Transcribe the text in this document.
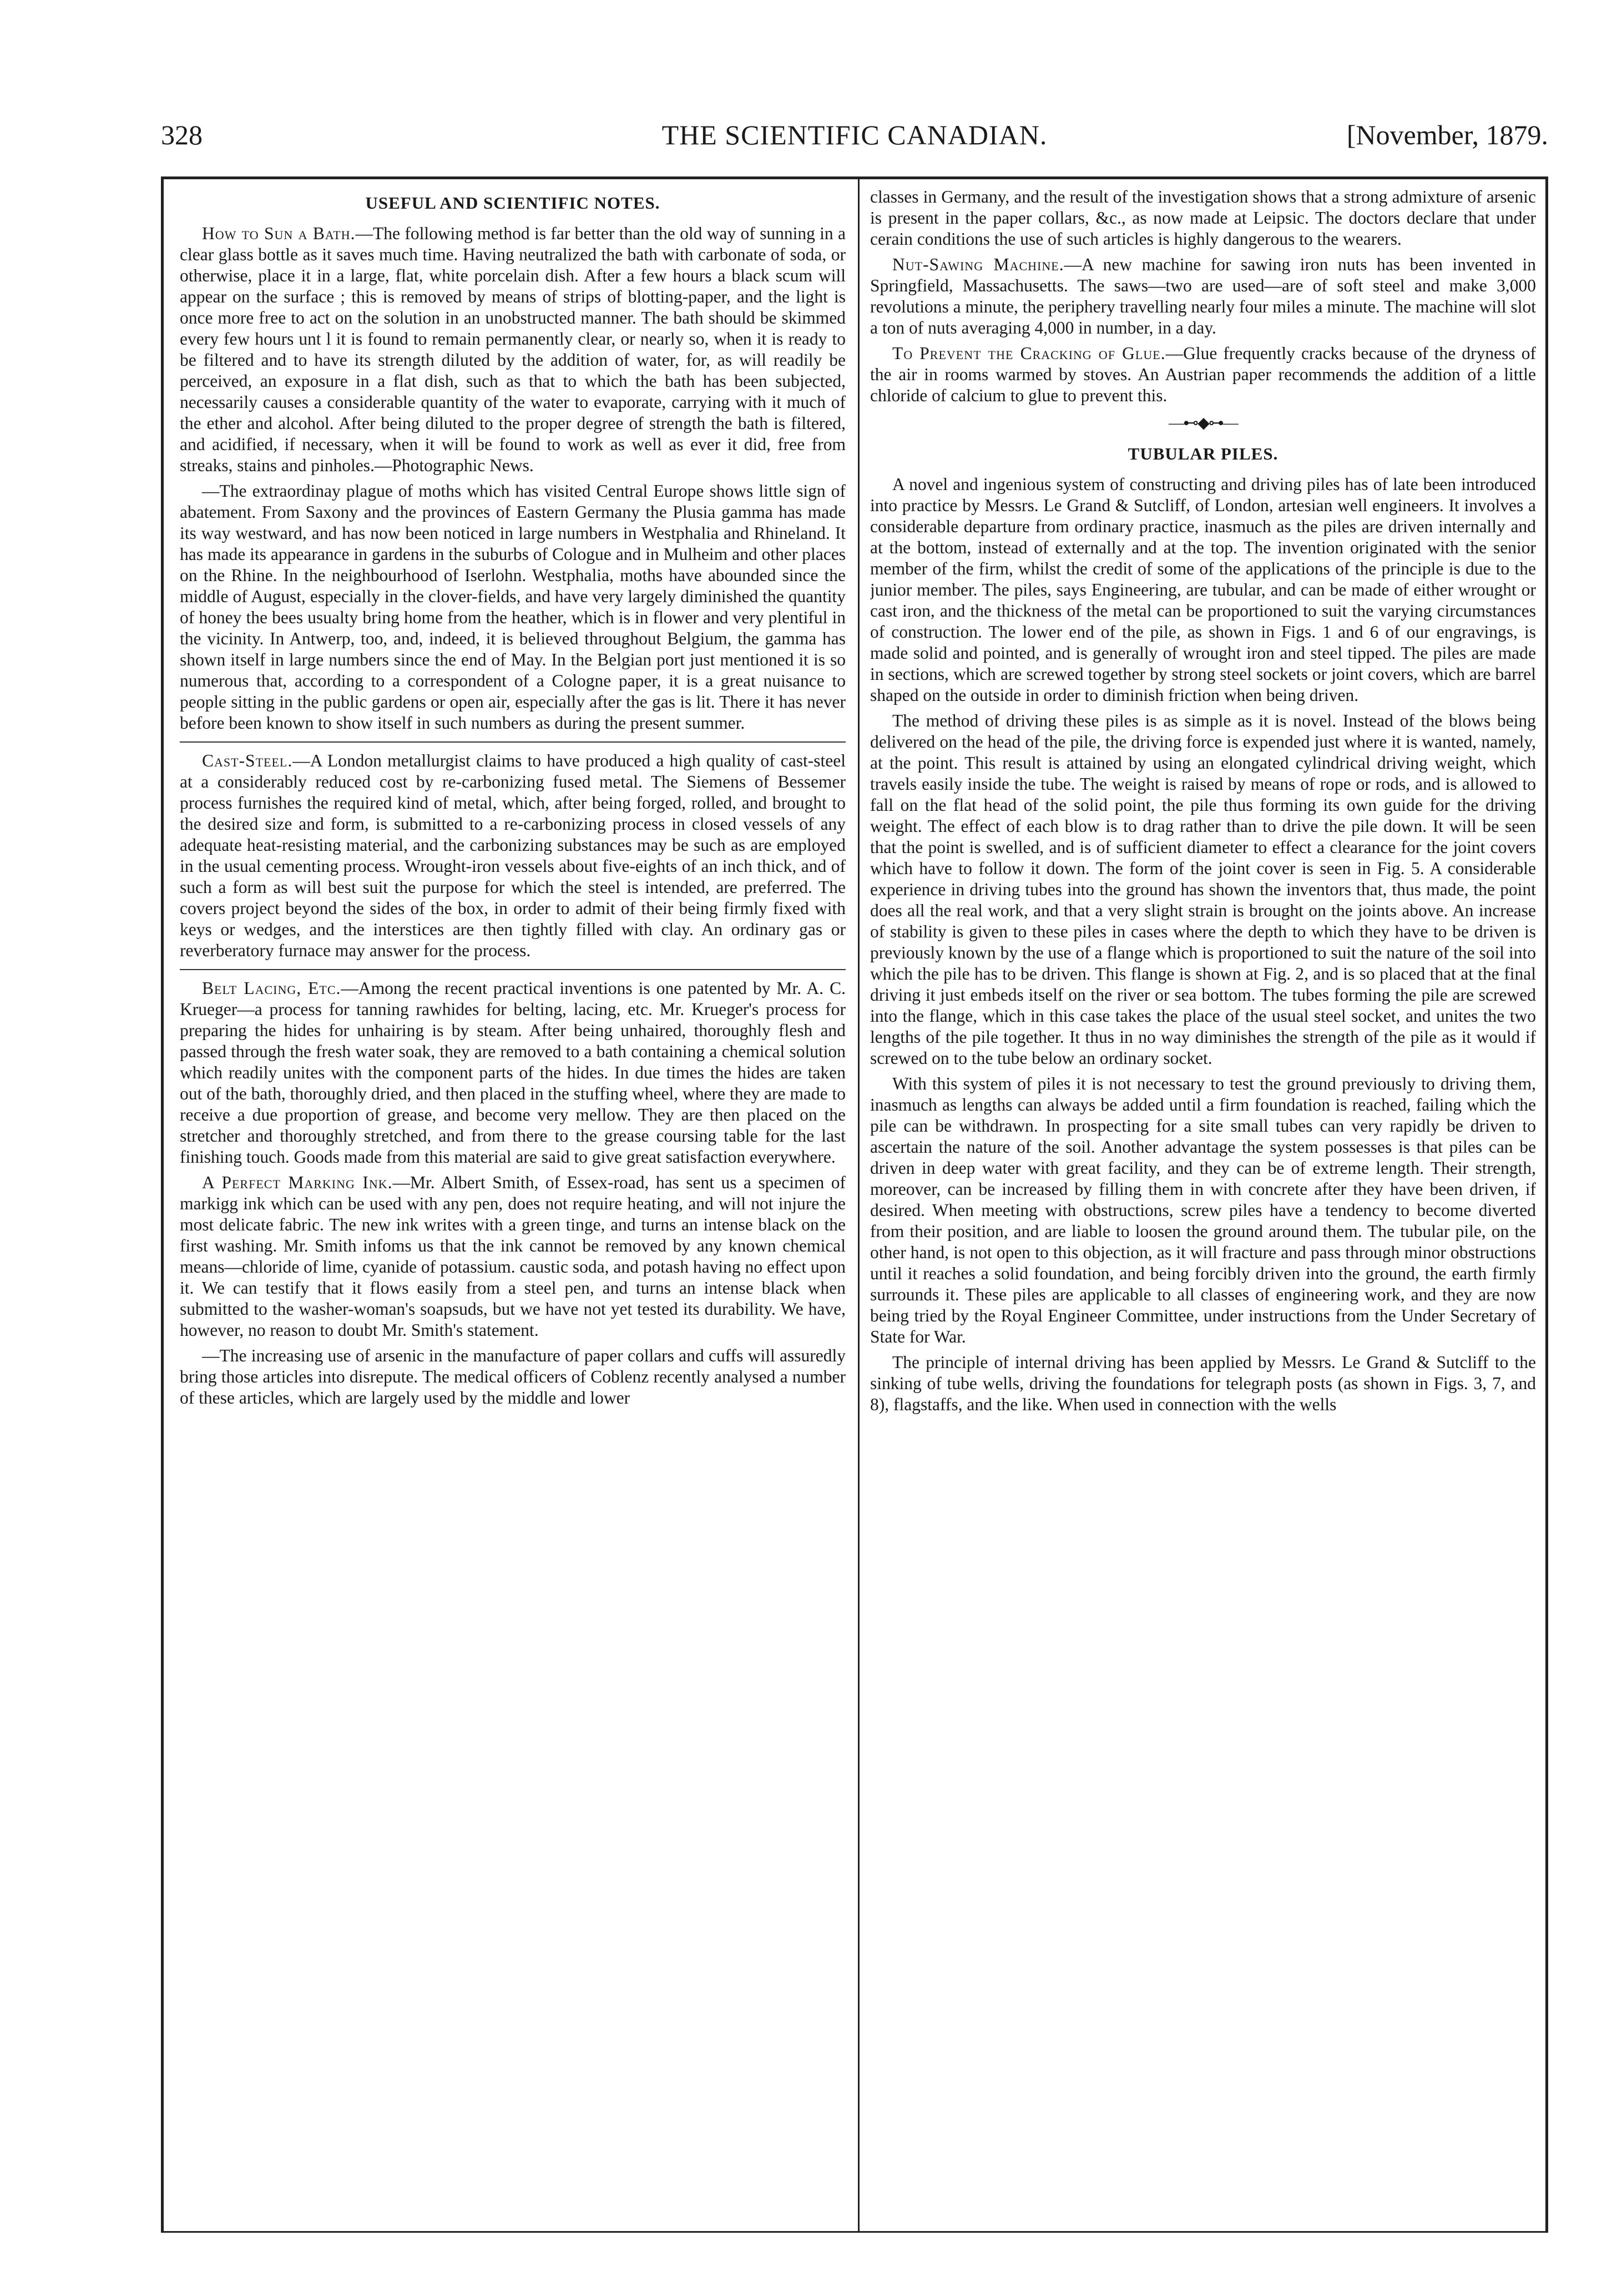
328	THE SCIENTIFIC CANADIAN.	[November, 1879.
USEFUL AND SCIENTIFIC NOTES.

How to Sun a Bath.—The following method is far better than the old way of sunning in a clear glass bottle as it saves much time. Having neutralized the bath with carbonate of soda, or otherwise, place it in a large, flat, white porcelain dish. After a few hours a black scum will appear on the surface ; this is removed by means of strips of blotting-paper, and the light is once more free to act on the solution in an unobstructed manner. The bath should be skimmed every few hours unt l it is found to remain permanently clear, or nearly so, when it is ready to be filtered and to have its strength diluted by the addition of water, for, as will readily be perceived, an exposure in a flat dish, such as that to which the bath has been subjected, necessarily causes a considerable quantity of the water to evaporate, carrying with it much of the ether and alcohol. After being diluted to the proper degree of strength the bath is filtered, and acidified, if necessary, when it will be found to work as well as ever it did, free from streaks, stains and pinholes.—Photographic News.

—The extraordinay plague of moths which has visited Central Europe shows little sign of abatement. From Saxony and the provinces of Eastern Germany the Plusia gamma has made its way westward, and has now been noticed in large numbers in Westphalia and Rhineland. It has made its appearance in gardens in the suburbs of Cologue and in Mulheim and other places on the Rhine. In the neighbourhood of Iserlohn. Westphalia, moths have abounded since the middle of August, especially in the clover-fields, and have very largely diminished the quantity of honey the bees usualty bring home from the heather, which is in flower and very plentiful in the vicinity. In Antwerp, too, and, indeed, it is believed throughout Belgium, the gamma has shown itself in large numbers since the end of May. In the Belgian port just mentioned it is so numerous that, according to a correspondent of a Cologne paper, it is a great nuisance to people sitting in the public gardens or open air, especially after the gas is lit. There it has never before been known to show itself in such numbers as during the present summer.

Cast-Steel.—A London metallurgist claims to have produced a high quality of cast-steel at a considerably reduced cost by re-carbonizing fused metal. The Siemens of Bessemer process furnishes the required kind of metal, which, after being forged, rolled, and brought to the desired size and form, is submitted to a re-carbonizing process in closed vessels of any adequate heat-resisting material, and the carbonizing substances may be such as are employed in the usual cementing process. Wrought-iron vessels about five-eights of an inch thick, and of such a form as will best suit the purpose for which the steel is intended, are preferred. The covers project beyond the sides of the box, in order to admit of their being firmly fixed with keys or wedges, and the interstices are then tightly filled with clay. An ordinary gas or reverberatory furnace may answer for the process.

Belt Lacing, Etc.—Among the recent practical inventions is one patented by Mr. A. C. Krueger—a process for tanning rawhides for belting, lacing, etc. Mr. Krueger's process for preparing the hides for unhairing is by steam. After being unhaired, thoroughly flesh and passed through the fresh water soak, they are removed to a bath containing a chemical solution which readily unites with the component parts of the hides. In due times the hides are taken out of the bath, thoroughly dried, and then placed in the stuffing wheel, where they are made to receive a due proportion of grease, and become very mellow. They are then placed on the stretcher and thoroughly stretched, and from there to the grease coursing table for the last finishing touch. Goods made from this material are said to give great satisfaction everywhere.

A Perfect Marking Ink.—Mr. Albert Smith, of Essex-road, has sent us a specimen of markigg ink which can be used with any pen, does not require heating, and will not injure the most delicate fabric. The new ink writes with a green tinge, and turns an intense black on the first washing. Mr. Smith infoms us that the ink cannot be removed by any known chemical means—chloride of lime, cyanide of potassium. caustic soda, and potash having no effect upon it. We can testify that it flows easily from a steel pen, and turns an intense black when submitted to the washer-woman's soapsuds, but we have not yet tested its durability. We have, however, no reason to doubt Mr. Smith's statement.

—The increasing use of arsenic in the manufacture of paper collars and cuffs will assuredly bring those articles into disrepute. The medical officers of Coblenz recently analysed a number of these articles, which are largely used by the middle and lower

classes in Germany, and the result of the investigation shows that a strong admixture of arsenic is present in the paper collars, &c., as now made at Leipsic. The doctors declare that under cerain conditions the use of such articles is highly dangerous to the wearers.

Nut-Sawing Machine.—A new machine for sawing iron nuts has been invented in Springfield, Massachusetts. The saws—two are used—are of soft steel and make 3,000 revolutions a minute, the periphery travelling nearly four miles a minute. The machine will slot a ton of nuts averaging 4,000 in number, in a day.

To Prevent the Cracking of Glue.—Glue frequently cracks because of the dryness of the air in rooms warmed by stoves. An Austrian paper recommends the addition of a little chloride of calcium to glue to prevent this.

—⊷◆⊶—
TUBULAR PILES.

A novel and ingenious system of constructing and driving piles has of late been introduced into practice by Messrs. Le Grand & Sutcliff, of London, artesian well engineers. It involves a considerable departure from ordinary practice, inasmuch as the piles are driven internally and at the bottom, instead of externally and at the top. The invention originated with the senior member of the firm, whilst the credit of some of the applications of the principle is due to the junior member. The piles, says Engineering, are tubular, and can be made of either wrought or cast iron, and the thickness of the metal can be proportioned to suit the varying circumstances of construction. The lower end of the pile, as shown in Figs. 1 and 6 of our engravings, is made solid and pointed, and is generally of wrought iron and steel tipped. The piles are made in sections, which are screwed together by strong steel sockets or joint covers, which are barrel shaped on the outside in order to diminish friction when being driven.

The method of driving these piles is as simple as it is novel. Instead of the blows being delivered on the head of the pile, the driving force is expended just where it is wanted, namely, at the point. This result is attained by using an elongated cylindrical driving weight, which travels easily inside the tube. The weight is raised by means of rope or rods, and is allowed to fall on the flat head of the solid point, the pile thus forming its own guide for the driving weight. The effect of each blow is to drag rather than to drive the pile down. It will be seen that the point is swelled, and is of sufficient diameter to effect a clearance for the joint covers which have to follow it down. The form of the joint cover is seen in Fig. 5. A considerable experience in driving tubes into the ground has shown the inventors that, thus made, the point does all the real work, and that a very slight strain is brought on the joints above. An increase of stability is given to these piles in cases where the depth to which they have to be driven is previously known by the use of a flange which is proportioned to suit the nature of the soil into which the pile has to be driven. This flange is shown at Fig. 2, and is so placed that at the final driving it just embeds itself on the river or sea bottom. The tubes forming the pile are screwed into the flange, which in this case takes the place of the usual steel socket, and unites the two lengths of the pile together. It thus in no way diminishes the strength of the pile as it would if screwed on to the tube below an ordinary socket.

With this system of piles it is not necessary to test the ground previously to driving them, inasmuch as lengths can always be added until a firm foundation is reached, failing which the pile can be withdrawn. In prospecting for a site small tubes can very rapidly be driven to ascertain the nature of the soil. Another advantage the system possesses is that piles can be driven in deep water with great facility, and they can be of extreme length. Their strength, moreover, can be increased by filling them in with concrete after they have been driven, if desired. When meeting with obstructions, screw piles have a tendency to become diverted from their position, and are liable to loosen the ground around them. The tubular pile, on the other hand, is not open to this objection, as it will fracture and pass through minor obstructions until it reaches a solid foundation, and being forcibly driven into the ground, the earth firmly surrounds it. These piles are applicable to all classes of engineering work, and they are now being tried by the Royal Engineer Committee, under instructions from the Under Secretary of State for War.

The principle of internal driving has been applied by Messrs. Le Grand & Sutcliff to the sinking of tube wells, driving the foundations for telegraph posts (as shown in Figs. 3, 7, and 8), flagstaffs, and the like. When used in connection with the wells
